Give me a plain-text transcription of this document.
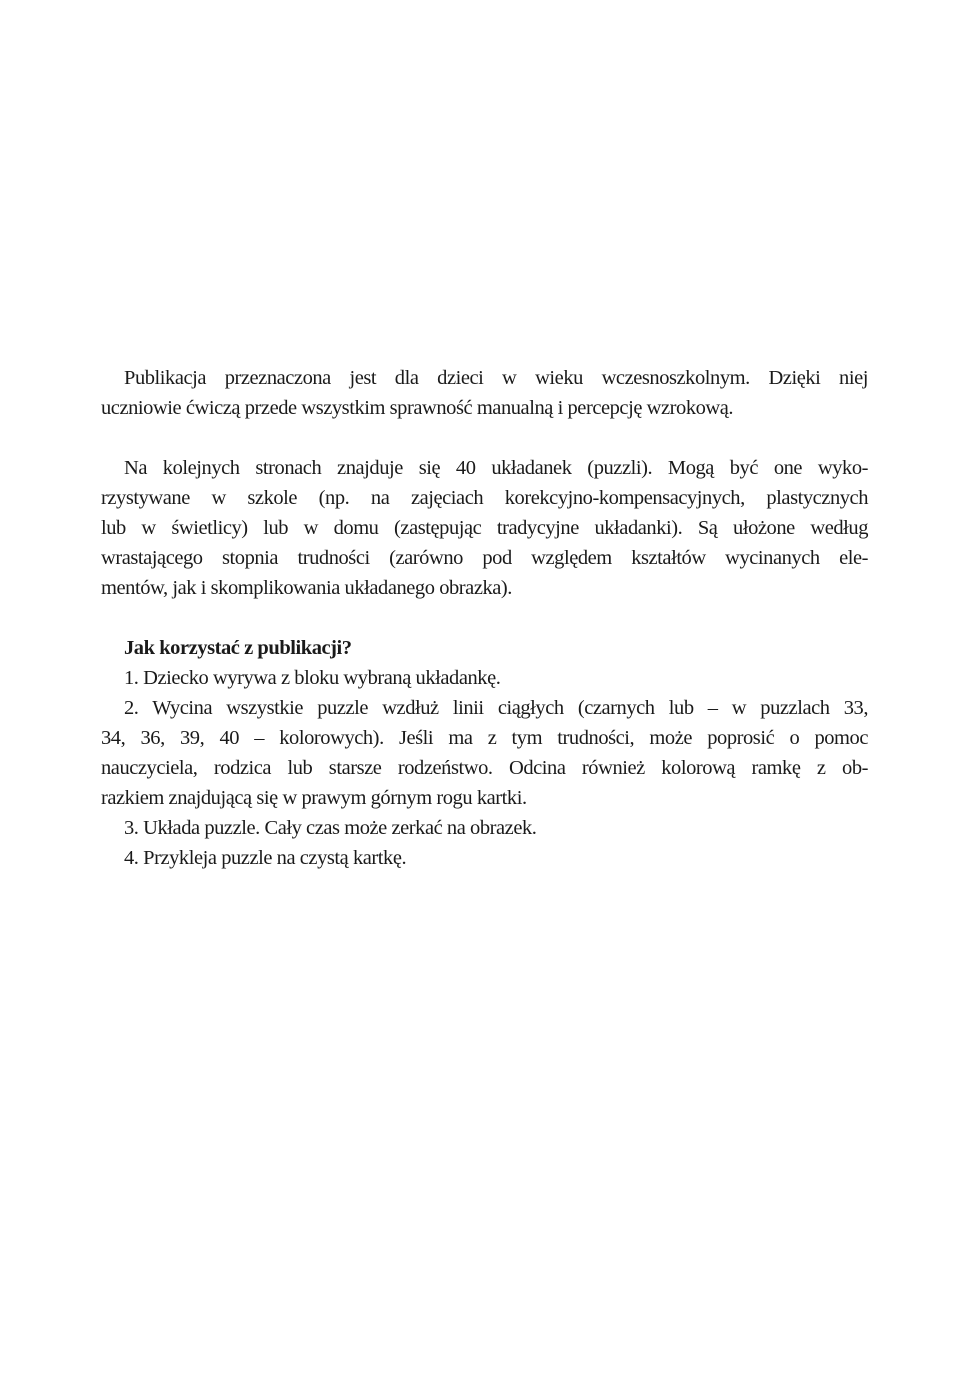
Publikacja przeznaczona jest dla dzieci w wieku wczesnoszkolnym. Dzięki niej
uczniowie ćwiczą przede wszystkim sprawność manualną i percepcję wzrokową.
Na kolejnych stronach znajduje się 40 układanek (puzzli). Mogą być one wyko-
rzystywane w szkole (np. na zajęciach korekcyjno-kompensacyjnych, plastycznych
lub w świetlicy) lub w domu (zastępując tradycyjne układanki). Są ułożone według
wrastającego stopnia trudności (zarówno pod względem kształtów wycinanych ele-
mentów, jak i skomplikowania układanego obrazka).
Jak korzystać z publikacji?
1. Dziecko wyrywa z bloku wybraną układankę.
2. Wycina wszystkie puzzle wzdłuż linii ciągłych (czarnych lub – w puzzlach 33,
34, 36, 39, 40 – kolorowych). Jeśli ma z tym trudności, może poprosić o pomoc
nauczyciela, rodzica lub starsze rodzeństwo. Odcina również kolorową ramkę z ob-
razkiem znajdującą się w prawym górnym rogu kartki.
3. Układa puzzle. Cały czas może zerkać na obrazek.
4. Przykleja puzzle na czystą kartkę.
